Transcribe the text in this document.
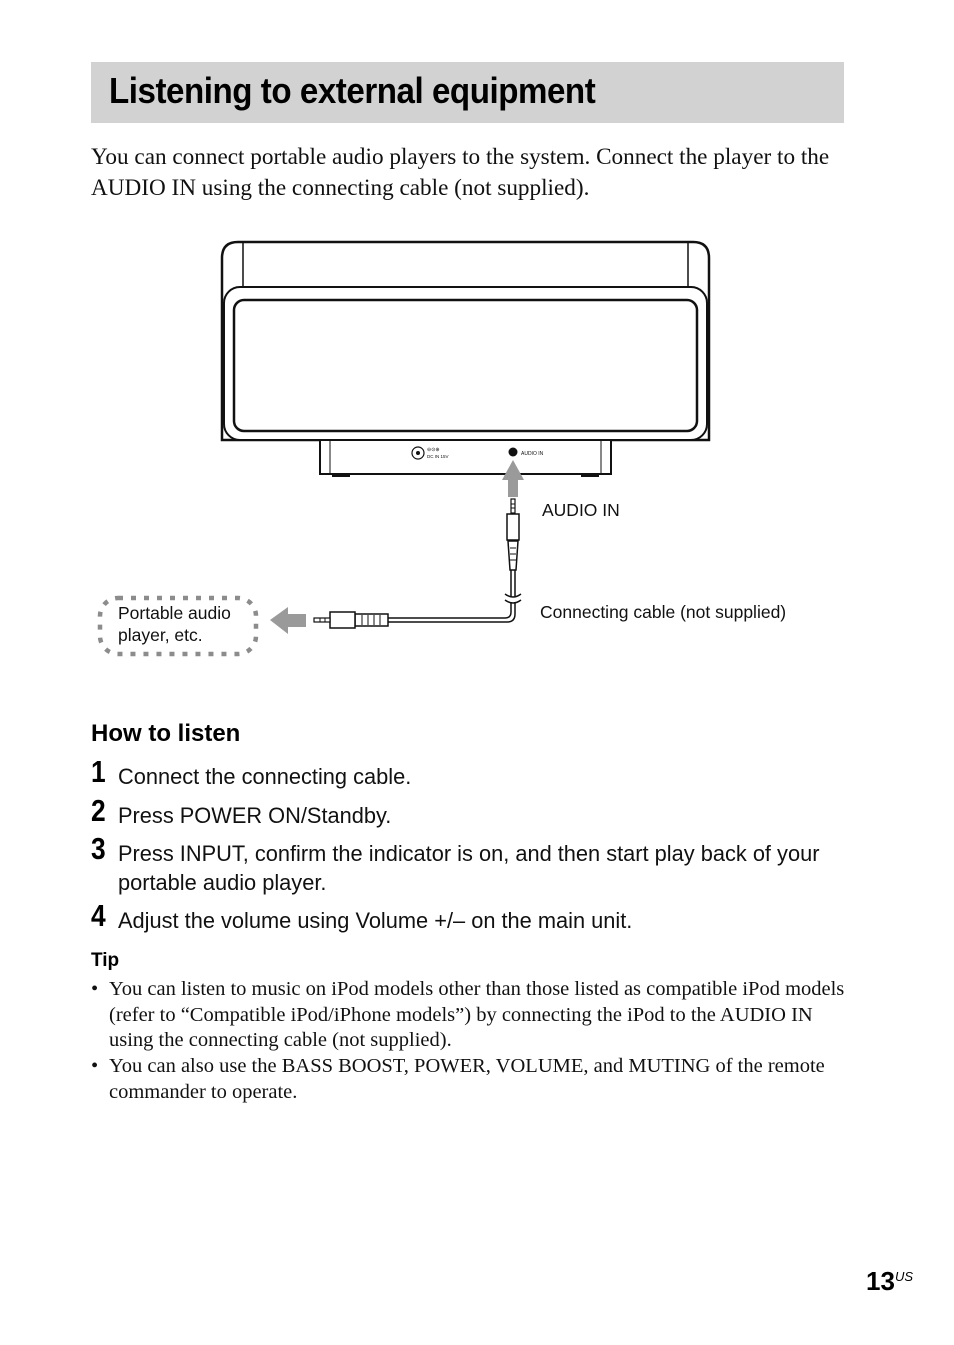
Listening to external equipment
You can connect portable audio players to the system. Connect the player to the AUDIO IN using the connecting cable (not supplied).
⊖⊙⊕
DC IN 15V	AUDIO IN
AUDIO IN
Connecting cable (not supplied)
Portable audio
player, etc.
How to listen
1 Connect the connecting cable.
2 Press POWER ON/Standby.
3 Press INPUT, confirm the indicator is on, and then start play back of your portable audio player.
4 Adjust the volume using Volume +/– on the main unit.
Tip
• You can listen to music on iPod models other than those listed as compatible iPod models (refer to “Compatible iPod/iPhone models”) by connecting the iPod to the AUDIO IN using the connecting cable (not supplied).
• You can also use the BASS BOOST, POWER, VOLUME, and MUTING of the remote commander to operate.
13 US
